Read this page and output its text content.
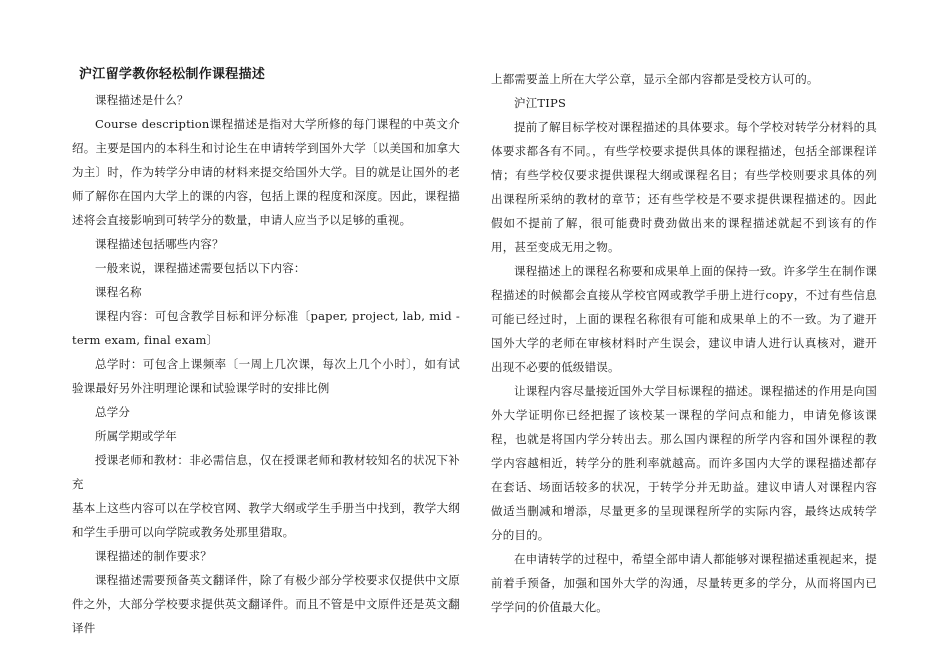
沪江留学教你轻松制作课程描述

课程描述是什么？

Course description课程描述是指对大学所修的每门课程的中英文介绍。主要是国内的本科生和讨论生在申请转学到国外大学〔以美国和加拿大为主〕时，作为转学分申请的材料来提交给国外大学。目的就是让国外的老师了解你在国内大学上的课的内容，包括上课的程度和深度。因此，课程描述将会直接影响到可转学分的数量，申请人应当予以足够的重视。

课程描述包括哪些内容？

一般来说，课程描述需要包括以下内容：

课程名称

课程内容：可包含教学目标和评分标准〔paper, project, lab, mid - term exam, final exam〕

总学时：可包含上课频率〔一周上几次课，每次上几个小时〕，如有试验课最好另外注明理论课和试验课学时的安排比例

总学分

所属学期或学年

授课老师和教材：非必需信息，仅在授课老师和教材较知名的状况下补充

基本上这些内容可以在学校官网、教学大纲或学生手册当中找到，教学大纲和学生手册可以向学院或教务处那里猎取。

课程描述的制作要求？

课程描述需要预备英文翻译件，除了有极少部分学校要求仅提供中文原件之外，大部分学校要求提供英文翻译件。而且不管是中文原件还是英文翻译件

上都需要盖上所在大学公章，显示全部内容都是受校方认可的。

沪江TIPS

提前了解目标学校对课程描述的具体要求。每个学校对转学分材料的具体要求都各有不同。，有些学校要求提供具体的课程描述，包括全部课程详情；有些学校仅要求提供课程大纲或课程名目；有些学校则要求具体的列出课程所采纳的教材的章节；还有些学校是不要求提供课程描述的。因此假如不提前了解，很可能费时费劲做出来的课程描述就起不到该有的作用，甚至变成无用之物。

课程描述上的课程名称要和成果单上面的保持一致。许多学生在制作课程描述的时候都会直接从学校官网或教学手册上进行copy，不过有些信息可能已经过时，上面的课程名称很有可能和成果单上的不一致。为了避开国外大学的老师在审核材料时产生误会，建议申请人进行认真核对，避开出现不必要的低级错误。

让课程内容尽量接近国外大学目标课程的描述。课程描述的作用是向国外大学证明你已经把握了该校某一课程的学问点和能力，申请免修该课程，也就是将国内学分转出去。那么国内课程的所学内容和国外课程的教学内容越相近，转学分的胜利率就越高。而许多国内大学的课程描述都存在套话、场面话较多的状况，于转学分并无助益。建议申请人对课程内容做适当删减和增添，尽量更多的呈现课程所学的实际内容，最终达成转学分的目的。

在申请转学的过程中，希望全部申请人都能够对课程描述重视起来，提前着手预备，加强和国外大学的沟通，尽量转更多的学分，从而将国内已学学问的价值最大化。
